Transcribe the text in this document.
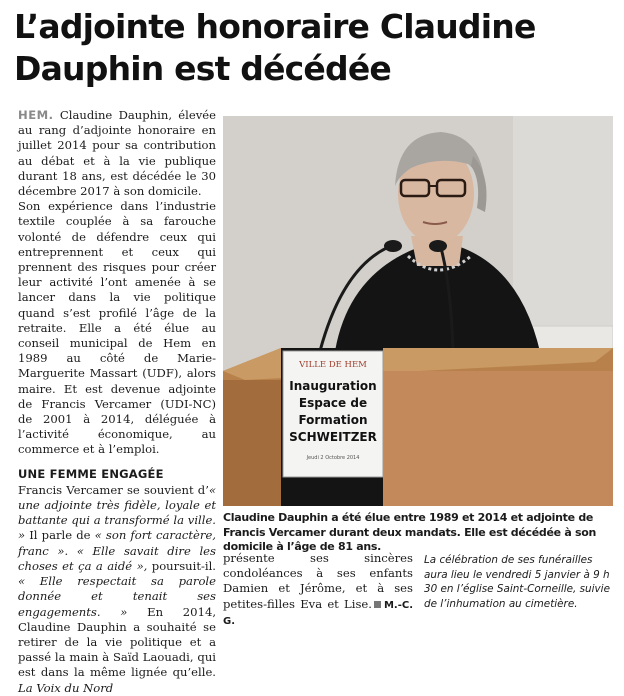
L’adjointe honoraire Claudine Dauphin est décédée

HEM. Claudine Dauphin, élevée au rang d’adjointe honoraire en juillet 2014 pour sa contribution au débat et à la vie publique durant 18 ans, est décédée le 30 décembre 2017 à son domicile.

Son expérience dans l’industrie textile couplée à sa farouche volonté de défendre ceux qui entreprennent et ceux qui prennent des risques pour créer leur activité l’ont amenée à se lancer dans la vie politique quand s’est profilé l’âge de la retraite. Elle a été élue au conseil municipal de Hem en 1989 au côté de Marie-Marguerite Massart (UDF), alors maire. Et est devenue adjointe de Francis Vercamer (UDI-NC) de 2001 à 2014, déléguée à l’activité économique, au commerce et à l’emploi.

UNE FEMME ENGAGÉE

Francis Vercamer se souvient d’« une adjointe très fidèle, loyale et battante qui a transformé la ville. » Il parle de « son fort caractère, franc ». « Elle savait dire les choses et ça a aidé », poursuit-il. « Elle respectait sa parole donnée et tenait ses engagements. » En 2014, Claudine Dauphin a souhaité se retirer de la vie politique et a passé la main à Saïd Laouadi, qui est dans la même lignée qu’elle. La Voix du Nord

VILLE DE HEM
Inauguration
Espace de
Formation
SCHWEITZER
Jeudi 2 Octobre 2014

Claudine Dauphin a été élue entre 1989 et 2014 et adjointe de Francis Vercamer durant deux mandats. Elle est décédée à son domicile à l’âge de 81 ans.

présente ses sincères condoléances à ses enfants Damien et Jérôme, et à ses petites-filles Eva et Lise. M.-C. G.

La célébration de ses funérailles aura lieu le vendredi 5 janvier à 9 h 30 en l’église Saint-Corneille, suivie de l’inhumation au cimetière.
